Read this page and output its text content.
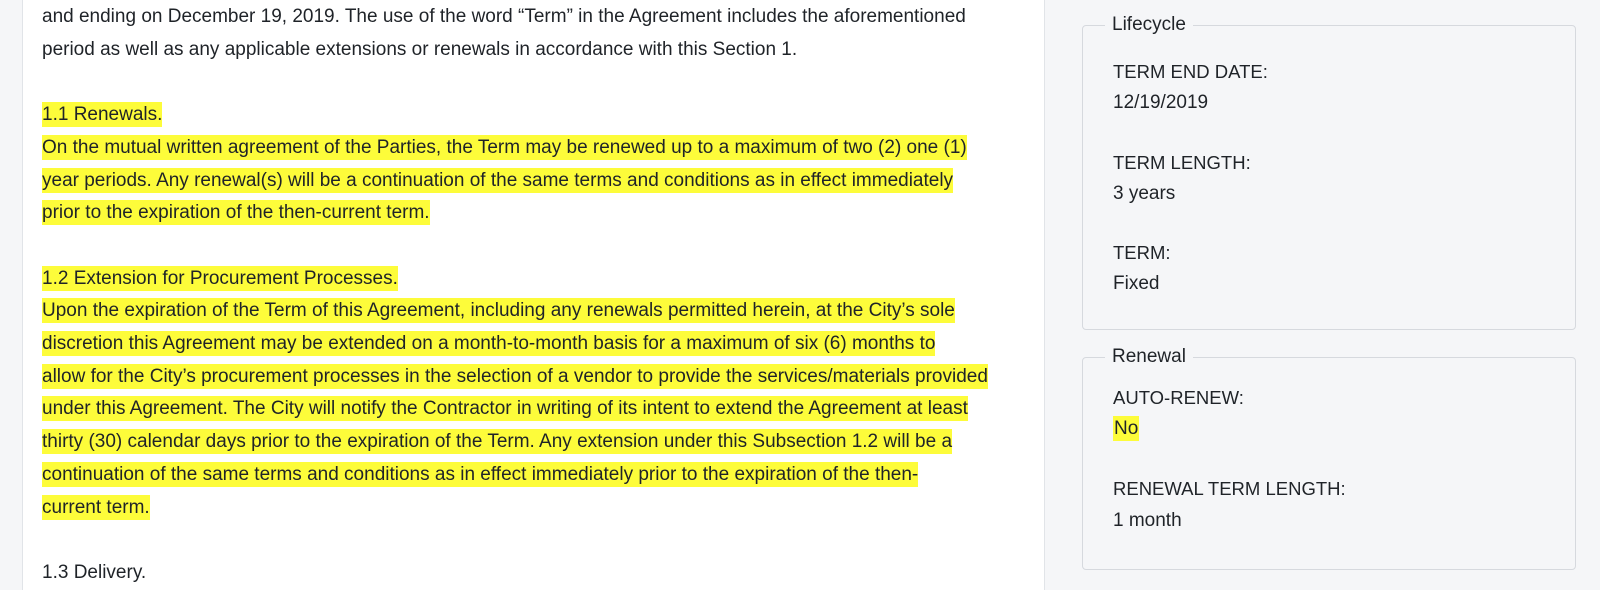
and ending on December 19, 2019. The use of the word “Term” in the Agreement includes the aforementioned
period as well as any applicable extensions or renewals in accordance with this Section 1.

1.1 Renewals.
On the mutual written agreement of the Parties, the Term may be renewed up to a maximum of two (2) one (1)
year periods. Any renewal(s) will be a continuation of the same terms and conditions as in effect immediately
prior to the expiration of the then-current term.

1.2 Extension for Procurement Processes.
Upon the expiration of the Term of this Agreement, including any renewals permitted herein, at the City’s sole
discretion this Agreement may be extended on a month-to-month basis for a maximum of six (6) months to
allow for the City’s procurement processes in the selection of a vendor to provide the services/materials provided
under this Agreement. The City will notify the Contractor in writing of its intent to extend the Agreement at least
thirty (30) calendar days prior to the expiration of the Term. Any extension under this Subsection 1.2 will be a
continuation of the same terms and conditions as in effect immediately prior to the expiration of the then-
current term.

1.3 Delivery.

Lifecycle
TERM END DATE:
12/19/2019
TERM LENGTH:
3 years
TERM:
Fixed
Renewal
AUTO-RENEW:
No
RENEWAL TERM LENGTH:
1 month
